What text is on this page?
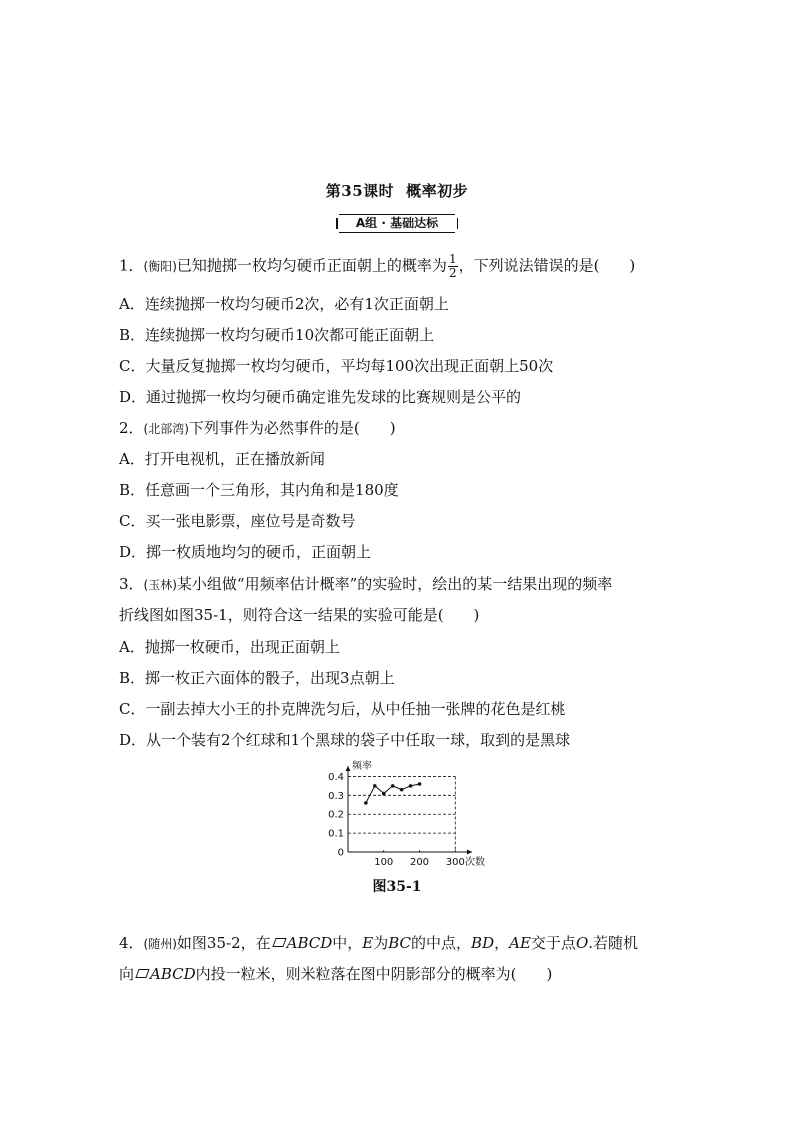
第35课时 概率初步
A组 · 基础达标
1．(衡阳)已知抛掷一枚均匀硬币正面朝上的概率为 $\frac{1}{2}$ ，下列说法错误的是(　　)
A．连续抛掷一枚均匀硬币2次，必有1次正面朝上
B．连续抛掷一枚均匀硬币10次都可能正面朝上
C．大量反复抛掷一枚均匀硬币，平均每100次出现正面朝上50次
D．通过抛掷一枚均匀硬币确定谁先发球的比赛规则是公平的
2．(北部湾)下列事件为必然事件的是(　　)
A．打开电视机，正在播放新闻
B．任意画一个三角形，其内角和是180度
C．买一张电影票，座位号是奇数号
D．掷一枚质地均匀的硬币，正面朝上
3．(玉林)某小组做“用频率估计概率”的实验时，绘出的某一结果出现的频率
折线图如图35-1，则符合这一结果的实验可能是(　　)
A．抛掷一枚硬币，出现正面朝上
B．掷一枚正六面体的骰子，出现3点朝上
C．一副去掉大小王的扑克牌洗匀后，从中任抽一张牌的花色是红桃
D．从一个装有2个红球和1个黑球的袋子中任取一球，取到的是黑球
0.4
0.3
0.2
0.1
0
100 200 300 次数
频率
图35-1
4．(随州)如图35-2，在 ABCD中，E为BC的中点，BD，AE交于点O.若随机
向 ABCD内投一粒米，则米粒落在图中阴影部分的概率为(　　)
